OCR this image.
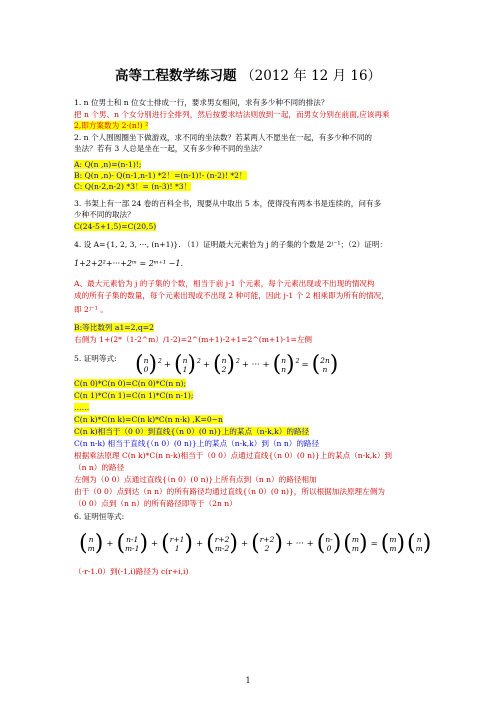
高等工程数学练习题 （2012 年 12 月 16）
1. n 位男士和 n 位女士排成一行，要求男女相间，求有多少种不同的排法？
把 n 个男、n 个女分别进行全排列，然后按要求结法则放到一起，而男女分别在前面,应该再乘
2,即方案数为 2·(n!) ²
2. n 个人围圆圈坐下做游戏，求不同的坐法数？若某两人不愿坐在一起，有多少种不同的
坐法？若有 3 人总是坐在一起，又有多少种不同的坐法？
A: Q(n ,n)=(n-1)!;
B: Q(n ,n)- Q(n-1,n-1) *2！=(n-1)!- (n-2)! *2！
C: Q(n-2,n-2) *3！= (n-3)! *3！
3. 书架上有一部 24 卷的百科全书，现要从中取出 5 本，使得没有两本书是连续的，问有多
少种不同的取法？
C(24-5+1,5)=C(20,5)
4. 设 A={1, 2, 3, ···, (n+1)}. （1）证明最大元素恰为 j 的子集的个数是 2ʲ⁻¹；（2）证明：
1+2+2²+···+2ᵐ = 2ᵐ⁺¹ −1.
A、最大元素恰为 j 的子集的个数，相当于前 j-1 个元素，每个元素出现或不出现的情况构
成的所有子集的数量，每个元素出现或不出现 2 种可能，因此 j-1 个 2 相乘即为所有的情况，
即 2ʲ⁻¹ 。
B:等比数列 a1=2,q=2
右侧为 1+(2*（1-2^m）/1-2)=2^(m+1)-2+1=2^(m+1)-1=左侧
5. 证明等式:
C(n 0)*C(n 0)=C(n 0)*C(n n);
C(n 1)*C(n 1)=C(n 1)*C(n n-1);
……
C(n k)*C(n k)=C(n k)*C(n n-k) ,K=0~n
C(n k)相当于（0 0）到直线{（n 0）(0 n)}上的某点（n-k,k）的路径
C(n n-k) 相当于直线{（n 0）(0 n)}上的某点（n-k,k）到（n n）的路径
根据乘法原理 C(n k)*C(n n-k)相当于（0 0）点通过直线{（n 0）(0 n)}上的某点（n-k,k）到
（n n）的路径
左侧为（0 0）点通过直线{（n 0）(0 n)}上所有点到（n n）的路径相加
由于（0 0）点到达（n n）的所有路径均通过直线{（n 0）(0 n)}，所以根据加法原理左侧为
（0 0）点到（n n）的所有路径即等于（2n n）
6. 证明恒等式:
（-r-1.0）到(-1,i)路径为 c(r+i,i)
( n
0 )$^2$ + ( n
1 )$^2$ + ( n
2 )$^2$ + ··· + ( n
n )$^2$ = ( 2n
n )
( n
m ) + ( n-1
m-1 ) + ( r+1
1 ) + ( r+2
m-2 ) + ( r+2
2 ) + ··· + ( n-
0 )( m
m ) = ( m
m )( n
m )
1
